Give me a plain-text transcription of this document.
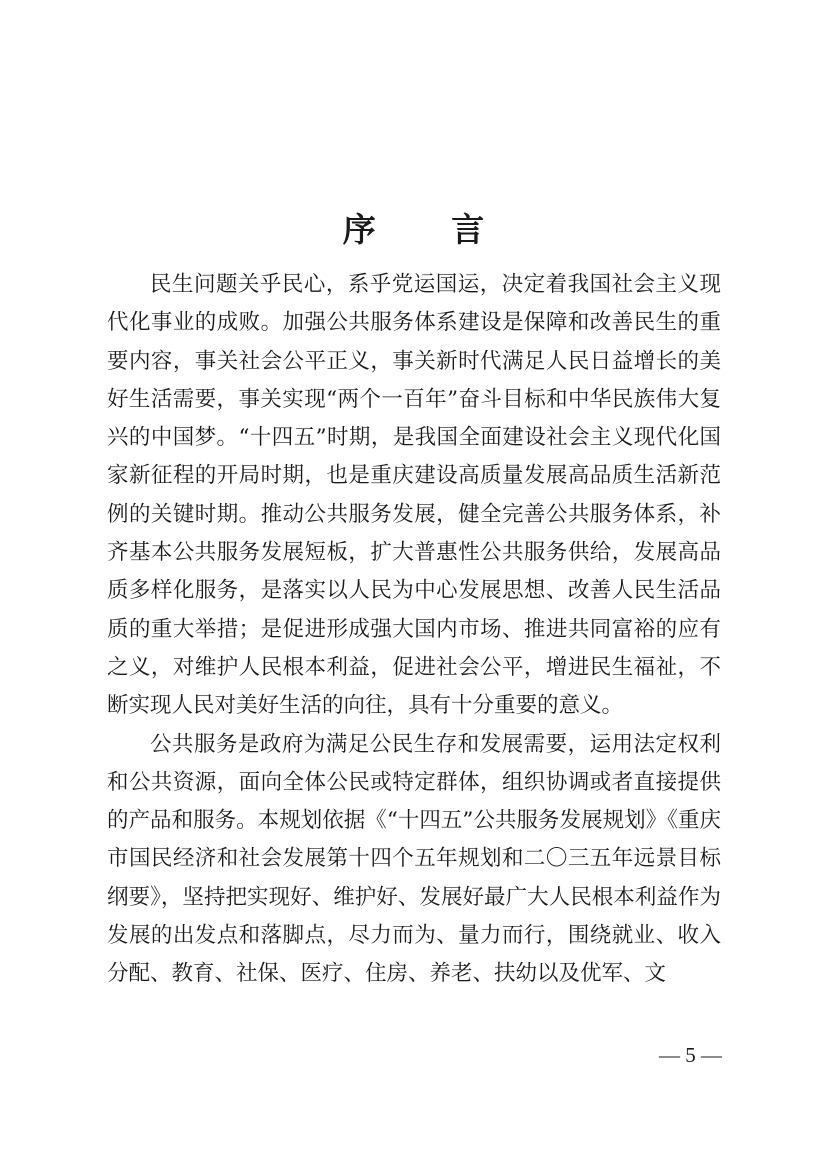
序 言

民生问题关乎民心，系乎党运国运，决定着我国社会主义现代化事业的成败。加强公共服务体系建设是保障和改善民生的重要内容，事关社会公平正义，事关新时代满足人民日益增长的美好生活需要，事关实现“两个一百年”奋斗目标和中华民族伟大复兴的中国梦。“十四五”时期，是我国全面建设社会主义现代化国家新征程的开局时期，也是重庆建设高质量发展高品质生活新范例的关键时期。推动公共服务发展，健全完善公共服务体系，补齐基本公共服务发展短板，扩大普惠性公共服务供给，发展高品质多样化服务，是落实以人民为中心发展思想、改善人民生活品质的重大举措；是促进形成强大国内市场、推进共同富裕的应有之义，对维护人民根本利益，促进社会公平，增进民生福祉，不断实现人民对美好生活的向往，具有十分重要的意义。

公共服务是政府为满足公民生存和发展需要，运用法定权利和公共资源，面向全体公民或特定群体，组织协调或者直接提供的产品和服务。本规划依据《“十四五”公共服务发展规划》《重庆市国民经济和社会发展第十四个五年规划和二〇三五年远景目标纲要》，坚持把实现好、维护好、发展好最广大人民根本利益作为发展的出发点和落脚点，尽力而为、量力而行，围绕就业、收入分配、教育、社保、医疗、住房、养老、扶幼以及优军、文

— 5 —
